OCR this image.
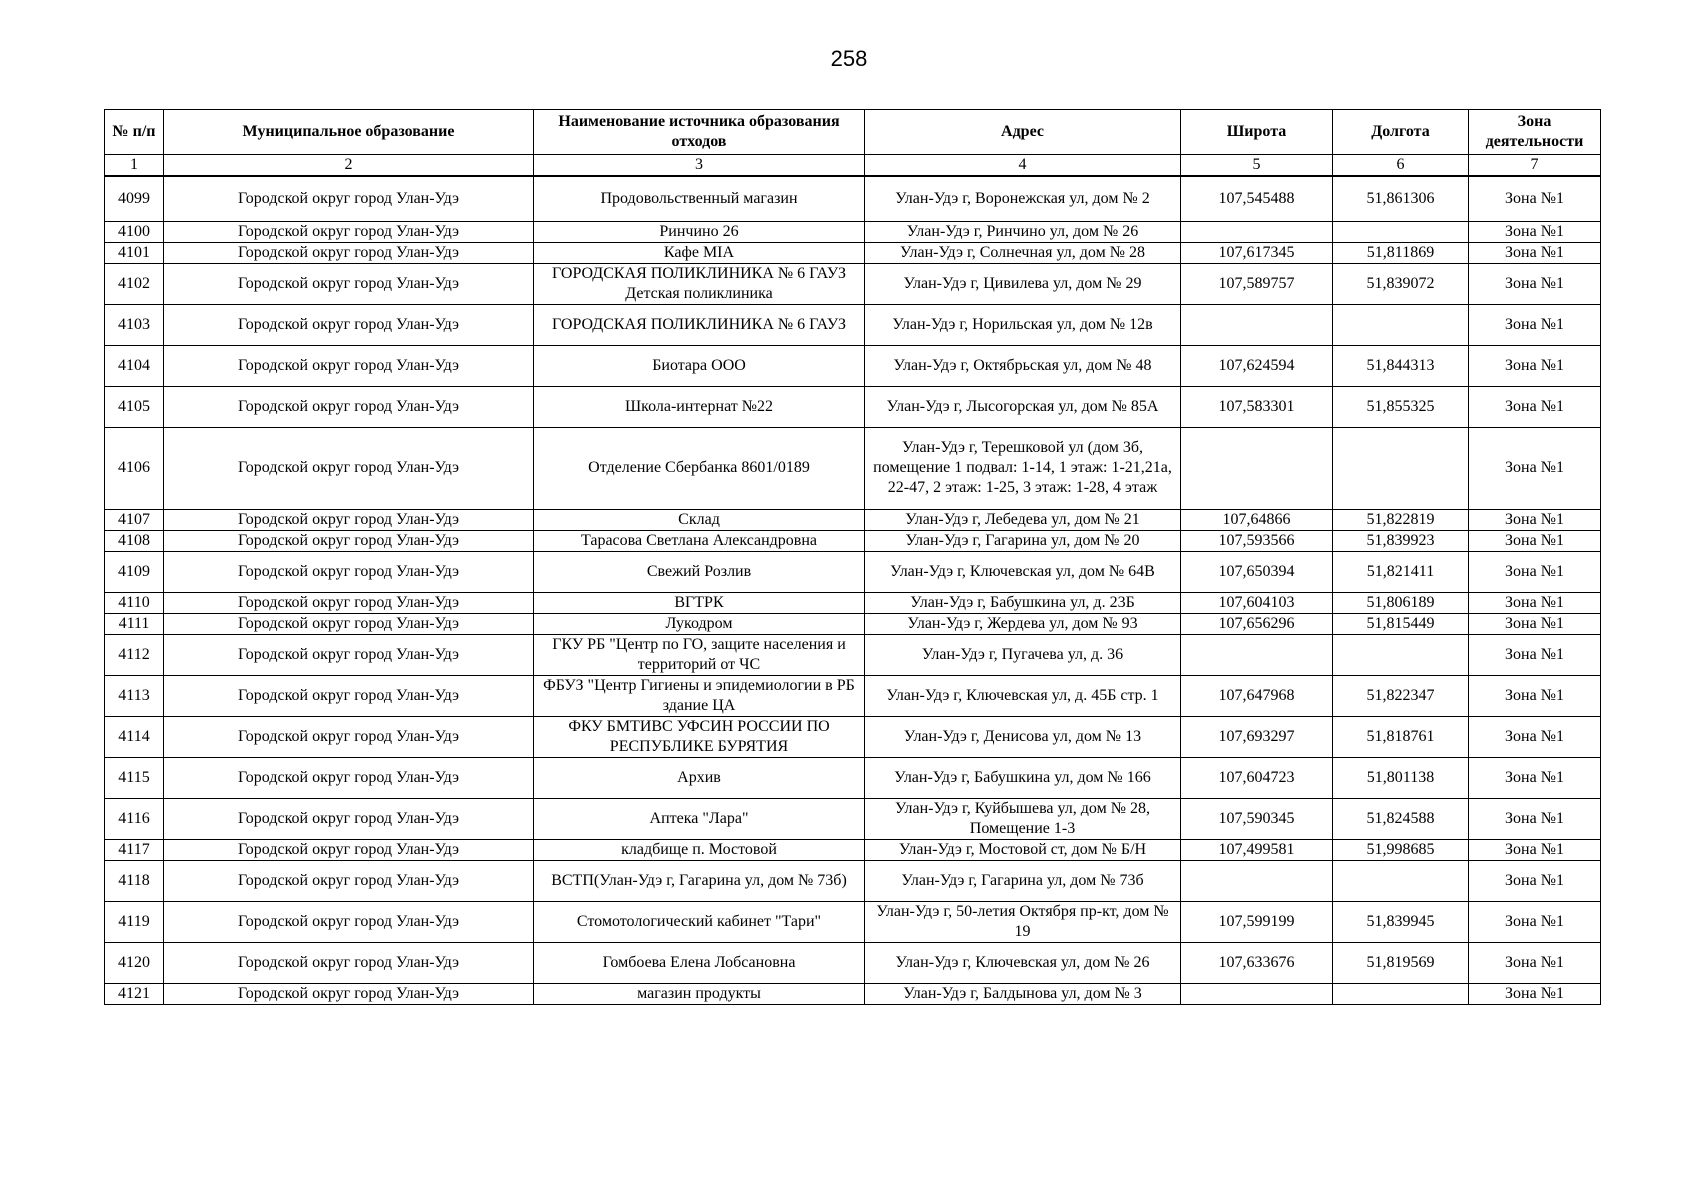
258
№ п/п	Муниципальное образование	Наименование источника образования отходов	Адрес	Широта	Долгота	Зона деятельности
1	2	3	4	5	6	7
4099	Городской округ город Улан-Удэ	Продовольственный магазин	Улан-Удэ г, Воронежская ул, дом № 2	107,545488	51,861306	Зона №1
4100	Городской округ город Улан-Удэ	Ринчино 26	Улан-Удэ г, Ринчино ул, дом № 26			Зона №1
4101	Городской округ город Улан-Удэ	Кафе MIA	Улан-Удэ г, Солнечная ул, дом № 28	107,617345	51,811869	Зона №1
4102	Городской округ город Улан-Удэ	ГОРОДСКАЯ ПОЛИКЛИНИКА № 6 ГАУЗ Детская поликлиника	Улан-Удэ г, Цивилева ул, дом № 29	107,589757	51,839072	Зона №1
4103	Городской округ город Улан-Удэ	ГОРОДСКАЯ ПОЛИКЛИНИКА № 6 ГАУЗ	Улан-Удэ г, Норильская ул, дом № 12в			Зона №1
4104	Городской округ город Улан-Удэ	Биотара ООО	Улан-Удэ г, Октябрьская ул, дом № 48	107,624594	51,844313	Зона №1
4105	Городской округ город Улан-Удэ	Школа-интернат №22	Улан-Удэ г, Лысогорская ул, дом № 85А	107,583301	51,855325	Зона №1
4106	Городской округ город Улан-Удэ	Отделение Сбербанка 8601/0189	Улан-Удэ г, Терешковой ул (дом 3б, помещение 1 подвал: 1-14, 1 этаж: 1-21,21а, 22-47, 2 этаж: 1-25, 3 этаж: 1-28, 4 этаж			Зона №1
4107	Городской округ город Улан-Удэ	Склад	Улан-Удэ г, Лебедева ул, дом № 21	107,64866	51,822819	Зона №1
4108	Городской округ город Улан-Удэ	Тарасова Светлана Александровна	Улан-Удэ г, Гагарина ул, дом № 20	107,593566	51,839923	Зона №1
4109	Городской округ город Улан-Удэ	Свежий Розлив	Улан-Удэ г, Ключевская ул, дом № 64В	107,650394	51,821411	Зона №1
4110	Городской округ город Улан-Удэ	ВГТРК	Улан-Удэ г, Бабушкина ул, д. 23Б	107,604103	51,806189	Зона №1
4111	Городской округ город Улан-Удэ	Лукодром	Улан-Удэ г, Жердева ул, дом № 93	107,656296	51,815449	Зона №1
4112	Городской округ город Улан-Удэ	ГКУ РБ "Центр по ГО, защите населения и территорий от ЧС	Улан-Удэ г, Пугачева ул, д. 36			Зона №1
4113	Городской округ город Улан-Удэ	ФБУЗ "Центр Гигиены и эпидемиологии в РБ здание ЦА	Улан-Удэ г, Ключевская ул, д. 45Б стр. 1	107,647968	51,822347	Зона №1
4114	Городской округ город Улан-Удэ	ФКУ БМТИВС УФСИН РОССИИ ПО РЕСПУБЛИКЕ БУРЯТИЯ	Улан-Удэ г, Денисова ул, дом № 13	107,693297	51,818761	Зона №1
4115	Городской округ город Улан-Удэ	Архив	Улан-Удэ г, Бабушкина ул, дом № 166	107,604723	51,801138	Зона №1
4116	Городской округ город Улан-Удэ	Аптека "Лара"	Улан-Удэ г, Куйбышева ул, дом № 28, Помещение 1-3	107,590345	51,824588	Зона №1
4117	Городской округ город Улан-Удэ	кладбище п. Мостовой	Улан-Удэ г, Мостовой ст, дом № Б/Н	107,499581	51,998685	Зона №1
4118	Городской округ город Улан-Удэ	ВСТП(Улан-Удэ г, Гагарина ул, дом № 73б)	Улан-Удэ г, Гагарина ул, дом № 73б			Зона №1
4119	Городской округ город Улан-Удэ	Стомотологический кабинет "Тари"	Улан-Удэ г, 50-летия Октября пр-кт, дом № 19	107,599199	51,839945	Зона №1
4120	Городской округ город Улан-Удэ	Гомбоева Елена Лобсановна	Улан-Удэ г, Ключевская ул, дом № 26	107,633676	51,819569	Зона №1
4121	Городской округ город Улан-Удэ	магазин продукты	Улан-Удэ г, Балдынова ул, дом № 3			Зона №1
